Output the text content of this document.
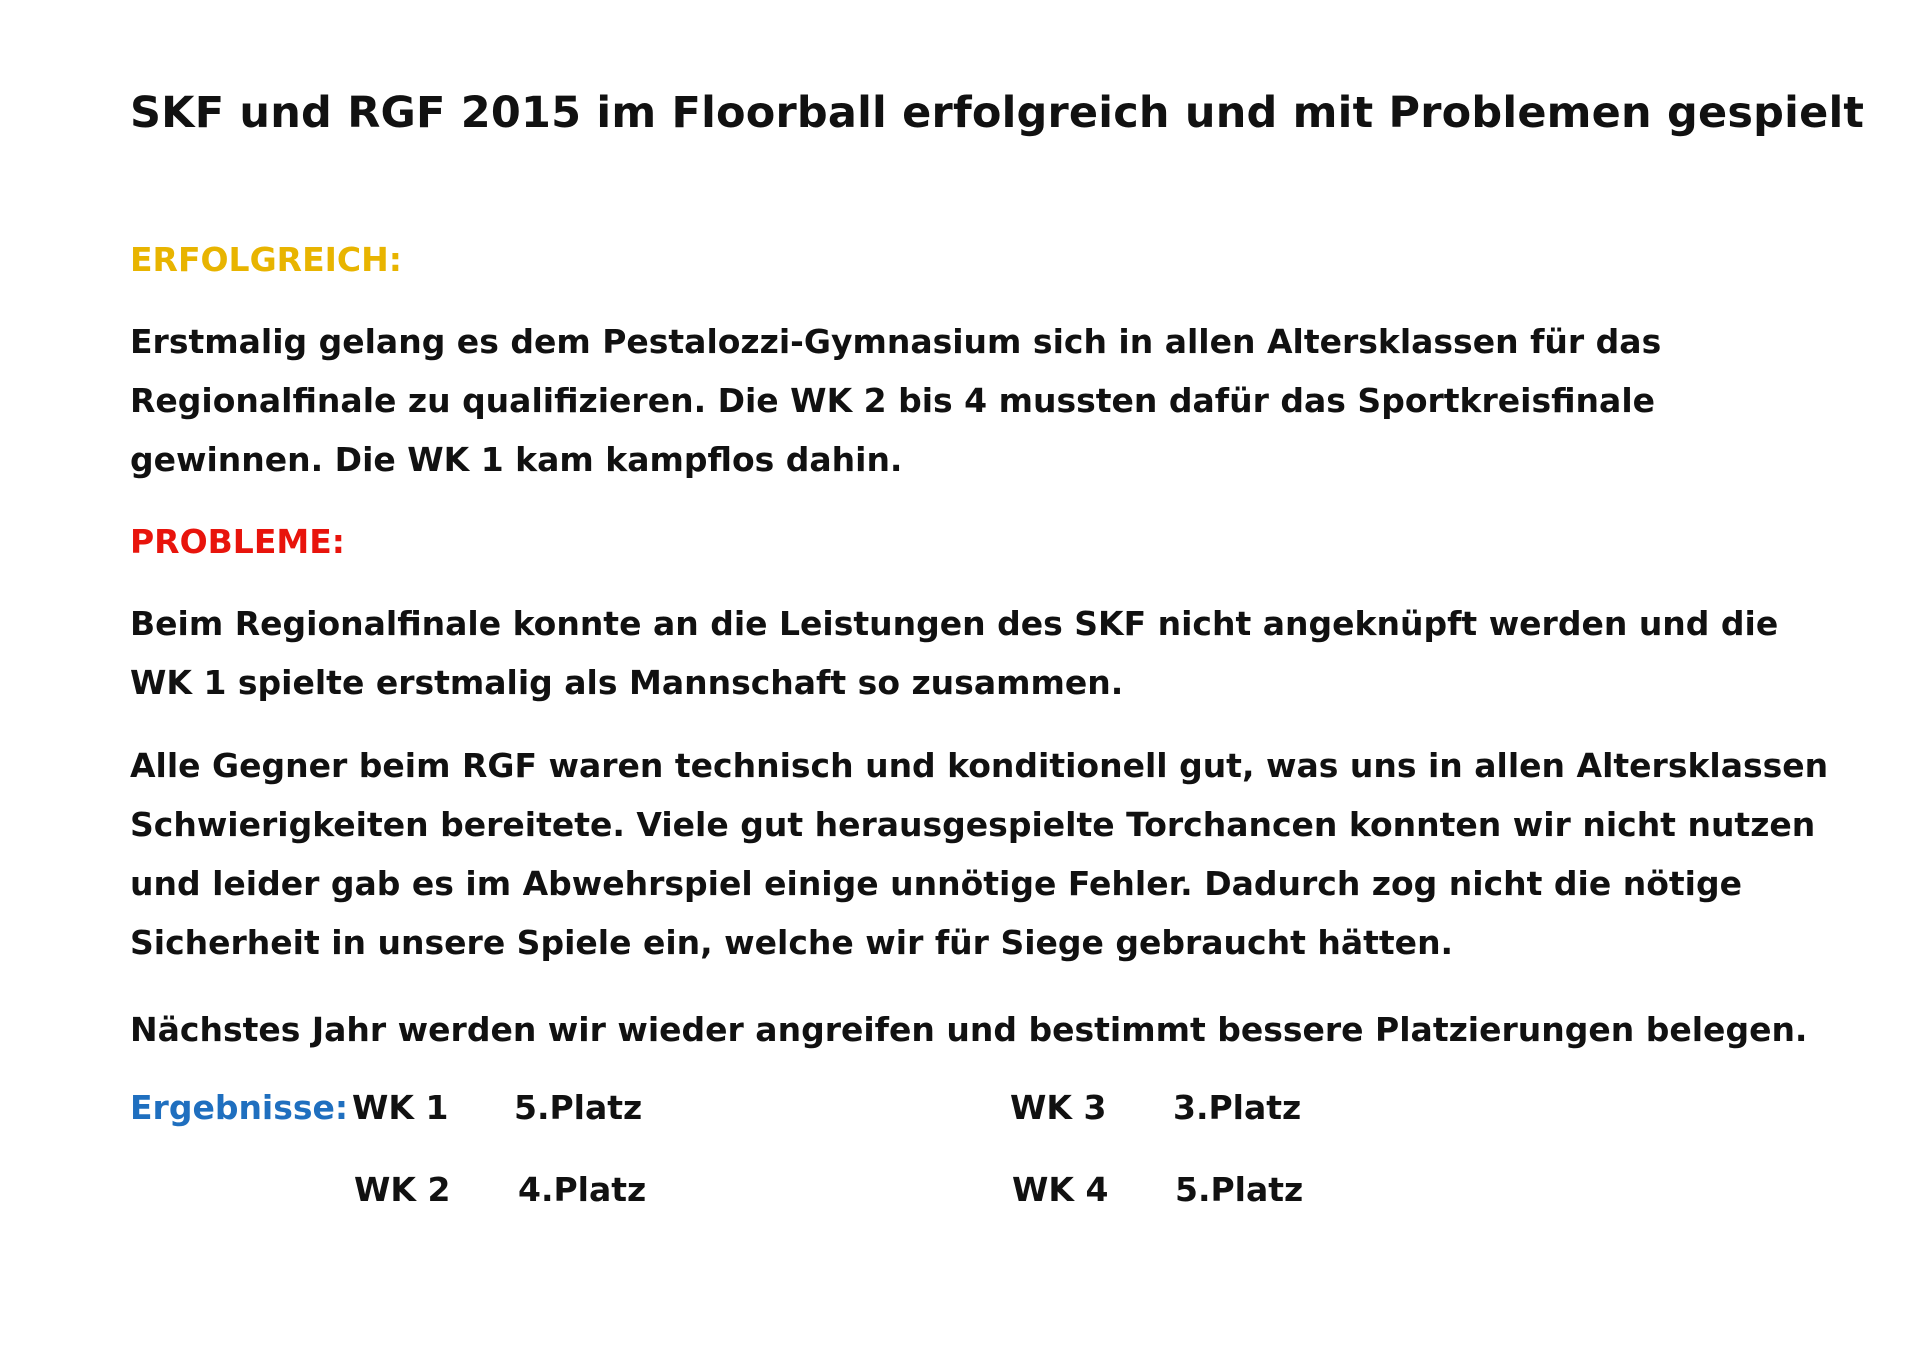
SKF und RGF 2015 im Floorball erfolgreich und mit Problemen gespielt
ERFOLGREICH:
Erstmalig gelang es dem Pestalozzi-Gymnasium sich in allen Altersklassen für das
Regionalfinale zu qualifizieren. Die WK 2 bis 4 mussten dafür das Sportkreisfinale
gewinnen. Die WK 1 kam kampflos dahin.
PROBLEME:
Beim Regionalfinale konnte an die Leistungen des SKF nicht angeknüpft werden und die
WK 1 spielte erstmalig als Mannschaft so zusammen.
Alle Gegner beim RGF waren technisch und konditionell gut, was uns in allen Altersklassen
Schwierigkeiten bereitete. Viele gut herausgespielte Torchancen konnten wir nicht nutzen
und leider gab es im Abwehrspiel einige unnötige Fehler. Dadurch zog nicht die nötige
Sicherheit in unsere Spiele ein, welche wir für Siege gebraucht hätten.
Nächstes Jahr werden wir wieder angreifen und bestimmt bessere Platzierungen belegen.
Ergebnisse: WK 1 5.Platz
WK 2 4.Platz
WK 3 3.Platz
WK 4 5.Platz
